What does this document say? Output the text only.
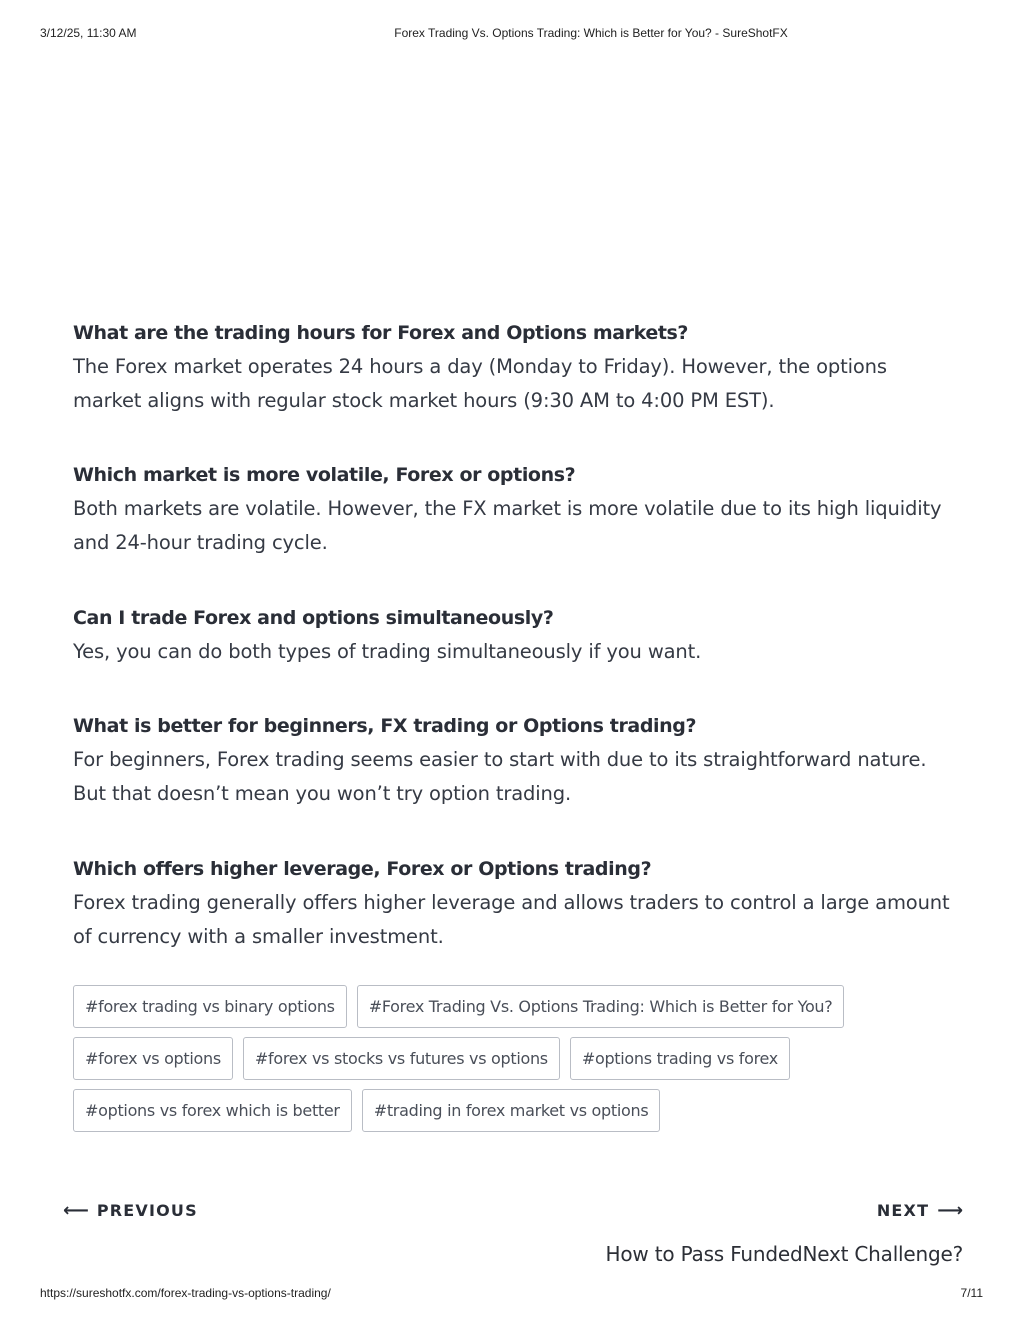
3/12/25, 11:30 AM	Forex Trading Vs. Options Trading: Which is Better for You? - SureShotFX
What are the trading hours for Forex and Options markets?
The Forex market operates 24 hours a day (Monday to Friday). However, the options market aligns with regular stock market hours (9:30 AM to 4:00 PM EST).
Which market is more volatile, Forex or options?
Both markets are volatile. However, the FX market is more volatile due to its high liquidity and 24-hour trading cycle.
Can I trade Forex and options simultaneously?
Yes, you can do both types of trading simultaneously if you want.
What is better for beginners, FX trading or Options trading?
For beginners, Forex trading seems easier to start with due to its straightforward nature. But that doesn’t mean you won’t try option trading.
Which offers higher leverage, Forex or Options trading?
Forex trading generally offers higher leverage and allows traders to control a large amount of currency with a smaller investment.
#forex trading vs binary options	#Forex Trading Vs. Options Trading: Which is Better for You?
#forex vs options	#forex vs stocks vs futures vs options	#options trading vs forex
#options vs forex which is better	#trading in forex market vs options
⟵ PREVIOUS	NEXT ⟶
How to Pass FundedNext Challenge?
https://sureshotfx.com/forex-trading-vs-options-trading/	7/11
